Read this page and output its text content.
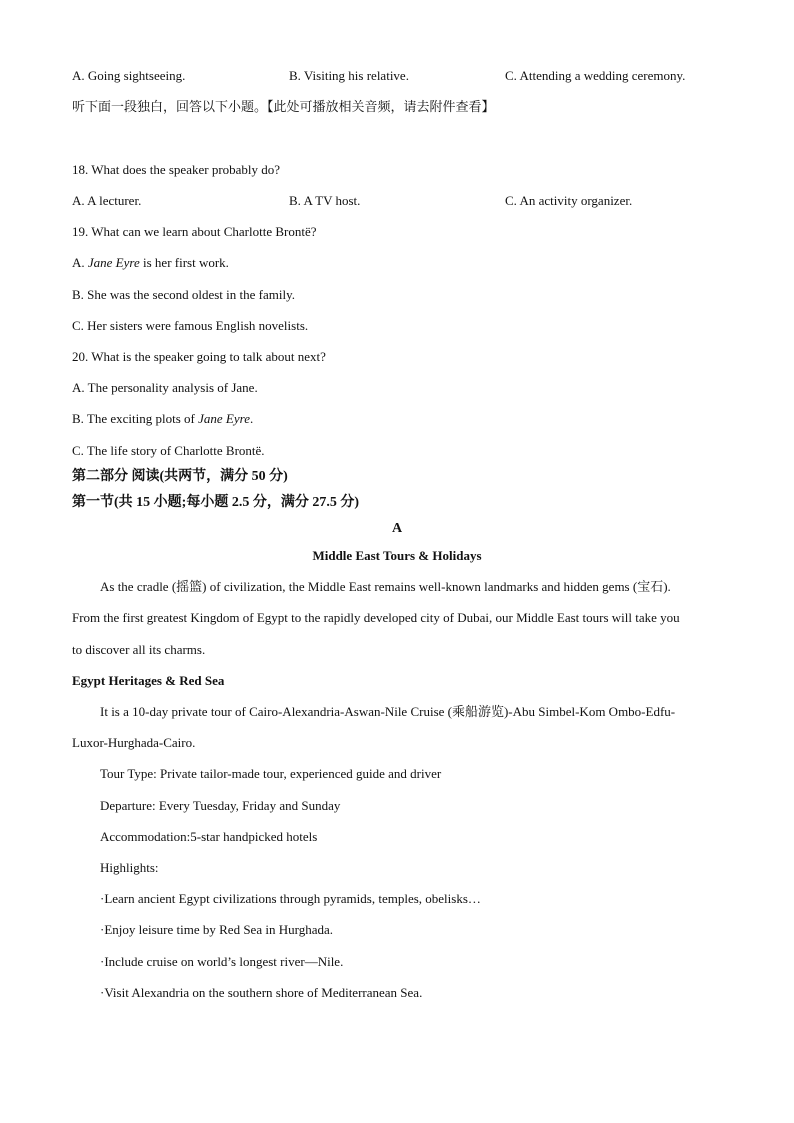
A. Going sightseeing.	B. Visiting his relative.	C. Attending a wedding ceremony.
听下面一段独白，回答以下小题。【此处可播放相关音频，请去附件查看】
18. What does the speaker probably do?
A. A lecturer.	B. A TV host.	C. An activity organizer.
19. What can we learn about Charlotte Brontë?
A. Jane Eyre is her first work.
B. She was the second oldest in the family.
C. Her sisters were famous English novelists.
20. What is the speaker going to talk about next?
A. The personality analysis of Jane.
B. The exciting plots of Jane Eyre.
C. The life story of Charlotte Brontë.
第二部分 阅读(共两节，满分 50 分)
第一节(共 15 小题;每小题 2.5 分，满分 27.5 分)
A
Middle East Tours & Holidays
As the cradle (摇篮) of civilization, the Middle East remains well-known landmarks and hidden gems (宝石).
From the first greatest Kingdom of Egypt to the rapidly developed city of Dubai, our Middle East tours will take you
to discover all its charms.
Egypt Heritages & Red Sea
It is a 10-day private tour of Cairo-Alexandria-Aswan-Nile Cruise (乘船游览)-Abu Simbel-Kom Ombo-Edfu-
Luxor-Hurghada-Cairo.
Tour Type: Private tailor-made tour, experienced guide and driver
Departure: Every Tuesday, Friday and Sunday
Accommodation:5-star handpicked hotels
Highlights:
·Learn ancient Egypt civilizations through pyramids, temples, obelisks…
·Enjoy leisure time by Red Sea in Hurghada.
·Include cruise on world’s longest river—Nile.
·Visit Alexandria on the southern shore of Mediterranean Sea.
